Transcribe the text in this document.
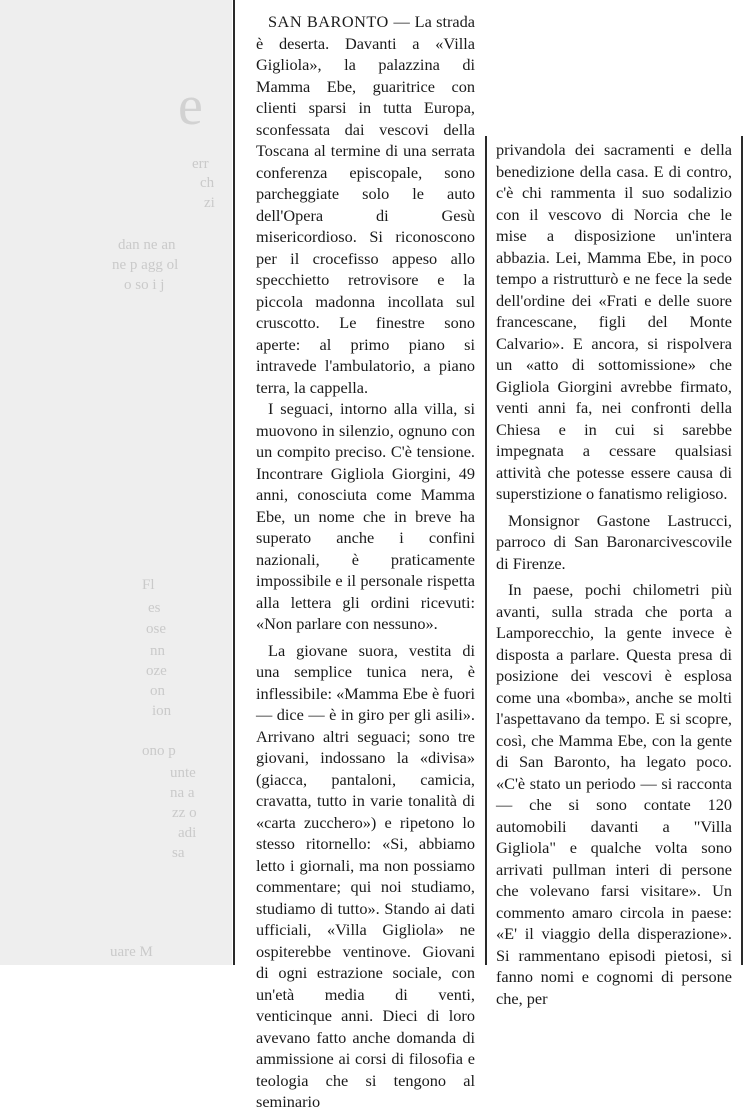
e
err
ch
zi
dan ne an
ne p agg ol
o so i j
Fl
es
ose
nn
oze
on
ion
ono p
unte
na a
zz o
adi
sa
uare M

SAN BARONTO — La strada è deserta. Davanti a «Villa Gigliola», la palazzina di Mamma Ebe, guaritrice con clienti sparsi in tutta Europa, sconfessata dai vescovi della Toscana al termine di una serrata conferenza episcopale, sono parcheggiate solo le auto dell'Opera di Gesù misericordioso. Si riconoscono per il crocefisso appeso allo specchietto retrovisore e la piccola madonna incollata sul cruscotto. Le finestre sono aperte: al primo piano si intravede l'ambulatorio, a piano terra, la cappella.

I seguaci, intorno alla villa, si muovono in silenzio, ognuno con un compito preciso. C'è tensione. Incontrare Gigliola Giorgini, 49 anni, conosciuta come Mamma Ebe, un nome che in breve ha superato anche i confini nazionali, è praticamente impossibile e il personale rispetta alla lettera gli ordini ricevuti: «Non parlare con nessuno».

La giovane suora, vestita di una semplice tunica nera, è inflessibile: «Mamma Ebe è fuori — dice — è in giro per gli asili». Arrivano altri seguaci; sono tre giovani, indossano la «divisa» (giacca, pantaloni, camicia, cravatta, tutto in varie tonalità di «carta zucchero») e ripetono lo stesso ritornello: «Si, abbiamo letto i giornali, ma non possiamo commentare; qui noi studiamo, studiamo di tutto». Stando ai dati ufficiali, «Villa Gigliola» ne ospiterebbe ventinove. Giovani di ogni estrazione sociale, con un'età media di venti, venticinque anni. Dieci di loro avevano fatto anche domanda di ammissione ai corsi di filosofia e teologia che si tengono al seminario

privandola dei sacramenti e della benedizione della casa. E di contro, c'è chi rammenta il suo sodalizio con il vescovo di Norcia che le mise a disposizione un'intera abbazia. Lei, Mamma Ebe, in poco tempo a ristrutturò e ne fece la sede dell'ordine dei «Frati e delle suore francescane, figli del Monte Calvario». E ancora, si rispolvera un «atto di sottomissione» che Gigliola Giorgini avrebbe firmato, venti anni fa, nei confronti della Chiesa e in cui si sarebbe impegnata a cessare qualsiasi attività che potesse essere causa di superstizione o fanatismo religioso.

Monsignor Gastone Lastrucci, parroco di San Baronarcivescovile di Firenze.

In paese, pochi chilometri più avanti, sulla strada che porta a Lamporecchio, la gente invece è disposta a parlare. Questa presa di posizione dei vescovi è esplosa come una «bomba», anche se molti l'aspettavano da tempo. E si scopre, così, che Mamma Ebe, con la gente di San Baronto, ha legato poco. «C'è stato un periodo — si racconta — che si sono contate 120 automobili davanti a "Villa Gigliola" e qualche volta sono arrivati pullman interi di persone che volevano farsi visitare». Un commento amaro circola in paese: «E' il viaggio della disperazione». Si rammentano episodi pietosi, si fanno nomi e cognomi di persone che, per
